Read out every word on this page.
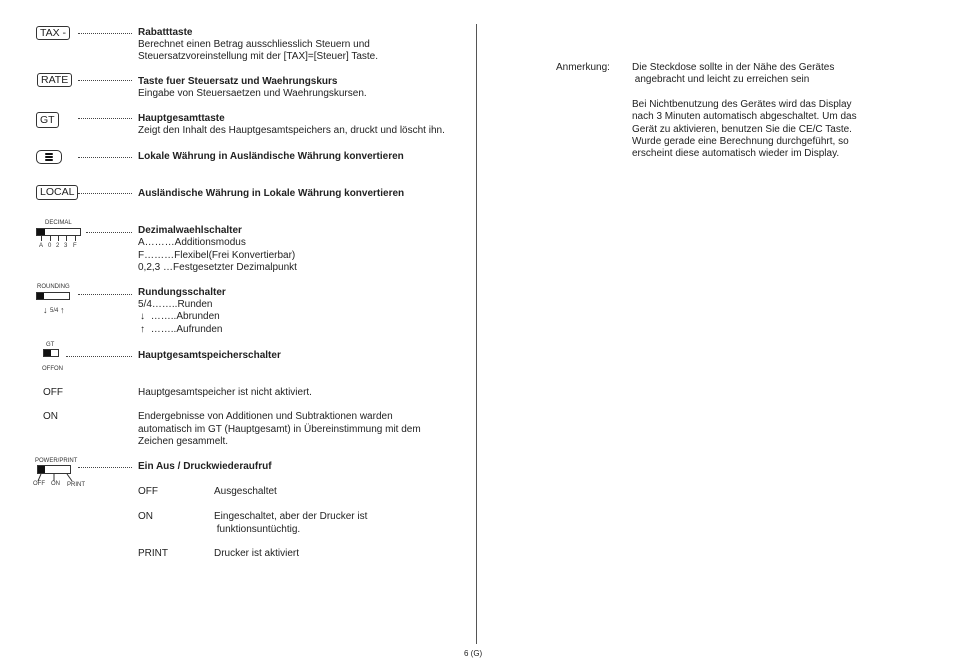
TAX -	Rabatttaste
Berechnet einen Betrag ausschliesslich Steuern und
Steuersatzvoreinstellung mit der [TAX]=[Steuer] Taste.
RATE	Taste fuer Steuersatz und Waehrungskurs
Eingabe von Steuersaetzen und Waehrungskursen.
GT	Hauptgesamttaste
Zeigt den Inhalt des Hauptgesamtspeichers an, druckt und löscht ihn.
Lokale Währung in Ausländische Währung konvertieren
LOCAL	Ausländische Währung in Lokale Währung konvertieren
DECIMAL
A 0 2 3 F
Dezimalwaehlschalter
A………Additionsmodus
F………Flexibel(Frei Konvertierbar)
0,2,3 …Festgesetzter Dezimalpunkt
ROUNDING
↓ 5/4 ↑
Rundungsschalter
5/4……..Runden
↓ ……..Abrunden
↑ ……..Aufrunden
GT
OFF ON
Hauptgesamtspeicherschalter
OFF	Hauptgesamtspeicher ist nicht aktiviert.
ON	Endergebnisse von Additionen und Subtraktionen warden
automatisch im GT (Hauptgesamt) in Übereinstimmung mit dem
Zeichen gesammelt.
POWER/PRINT
OFF ON PRINT
Ein Aus / Druckwiederaufruf
OFF	Ausgeschaltet
ON	Eingeschaltet, aber der Drucker ist
funktionsuntüchtig.
PRINT	Drucker ist aktiviert
Anmerkung: Die Steckdose sollte in der Nähe des Gerätes
angebracht und leicht zu erreichen sein
Bei Nichtbenutzung des Gerätes wird das Display
nach 3 Minuten automatisch abgeschaltet. Um das
Gerät zu aktivieren, benutzen Sie die CE/C Taste.
Wurde gerade eine Berechnung durchgeführt, so
erscheint diese automatisch wieder im Display.
6 (G)
